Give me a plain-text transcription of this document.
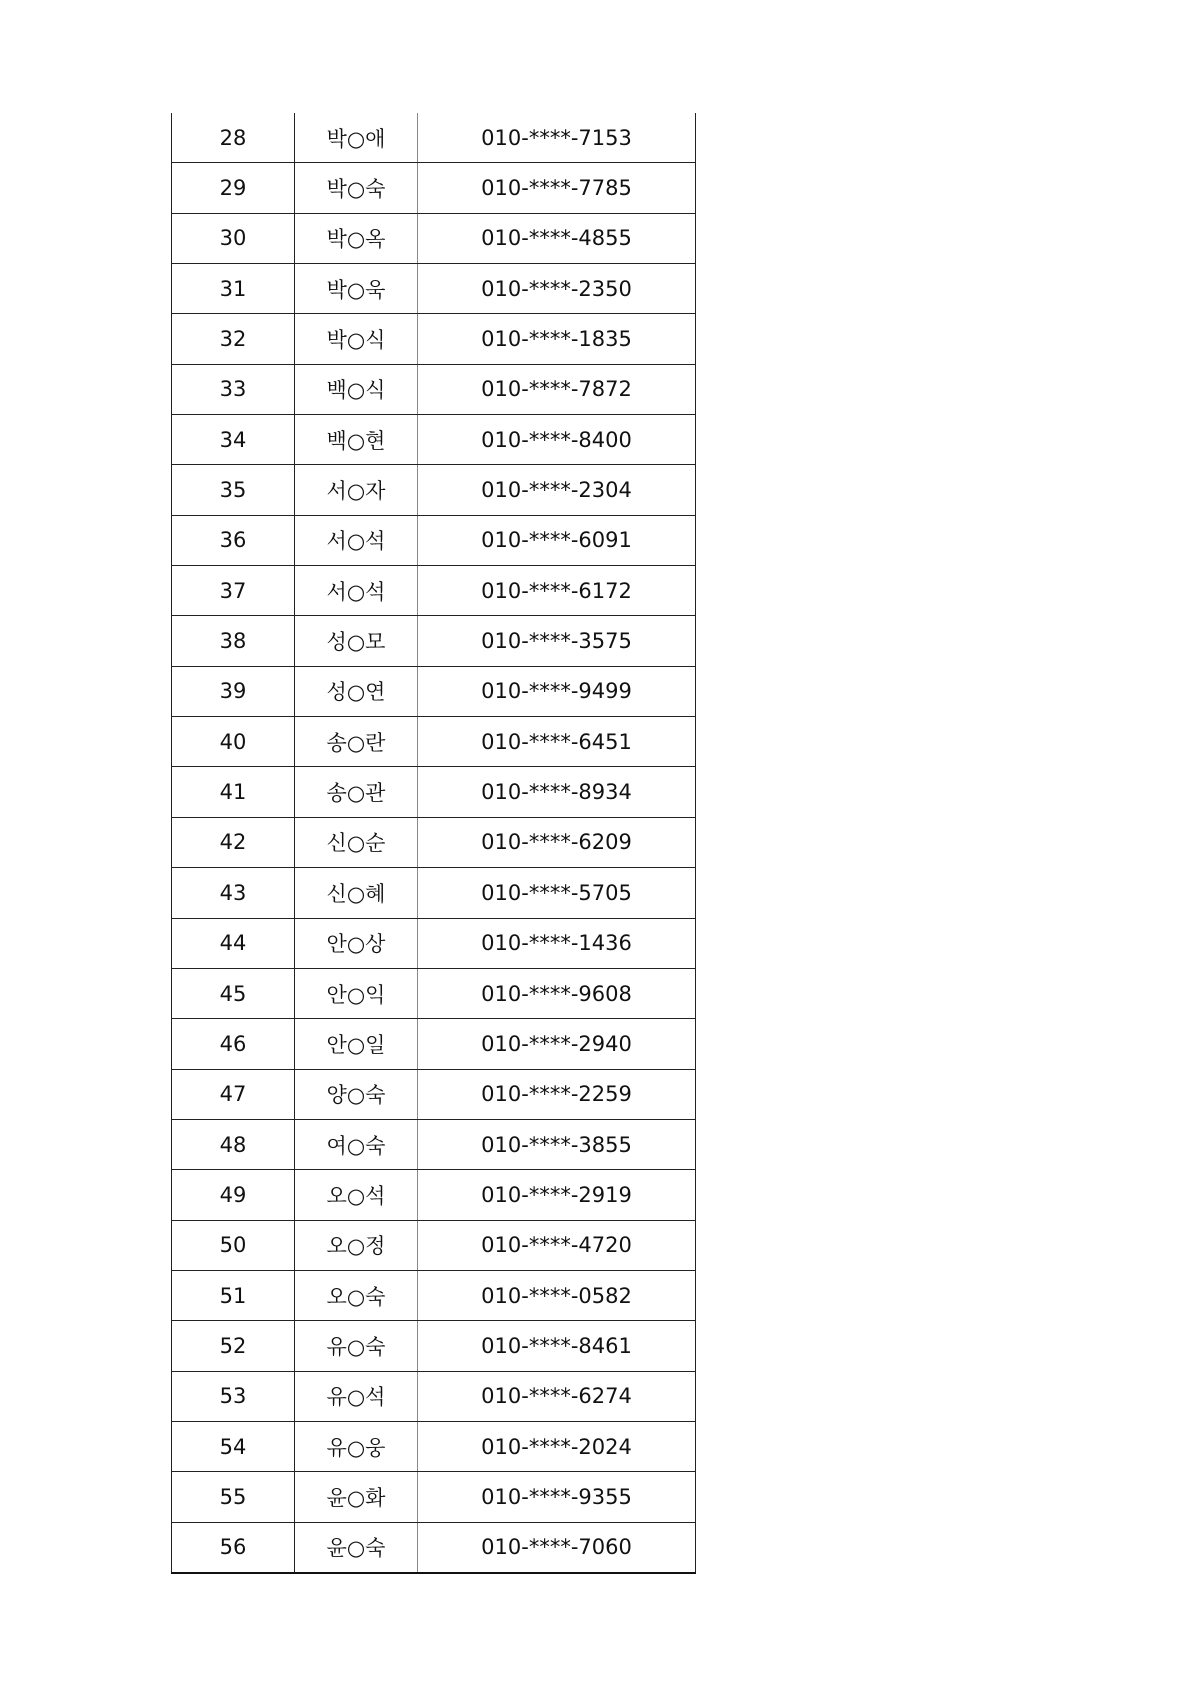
28	박○애	010-****-7153
29	박○숙	010-****-7785
30	박○옥	010-****-4855
31	박○욱	010-****-2350
32	박○식	010-****-1835
33	백○식	010-****-7872
34	백○현	010-****-8400
35	서○자	010-****-2304
36	서○석	010-****-6091
37	서○석	010-****-6172
38	성○모	010-****-3575
39	성○연	010-****-9499
40	송○란	010-****-6451
41	송○관	010-****-8934
42	신○순	010-****-6209
43	신○혜	010-****-5705
44	안○상	010-****-1436
45	안○익	010-****-9608
46	안○일	010-****-2940
47	양○숙	010-****-2259
48	여○숙	010-****-3855
49	오○석	010-****-2919
50	오○정	010-****-4720
51	오○숙	010-****-0582
52	유○숙	010-****-8461
53	유○석	010-****-6274
54	유○웅	010-****-2024
55	윤○화	010-****-9355
56	윤○숙	010-****-7060
